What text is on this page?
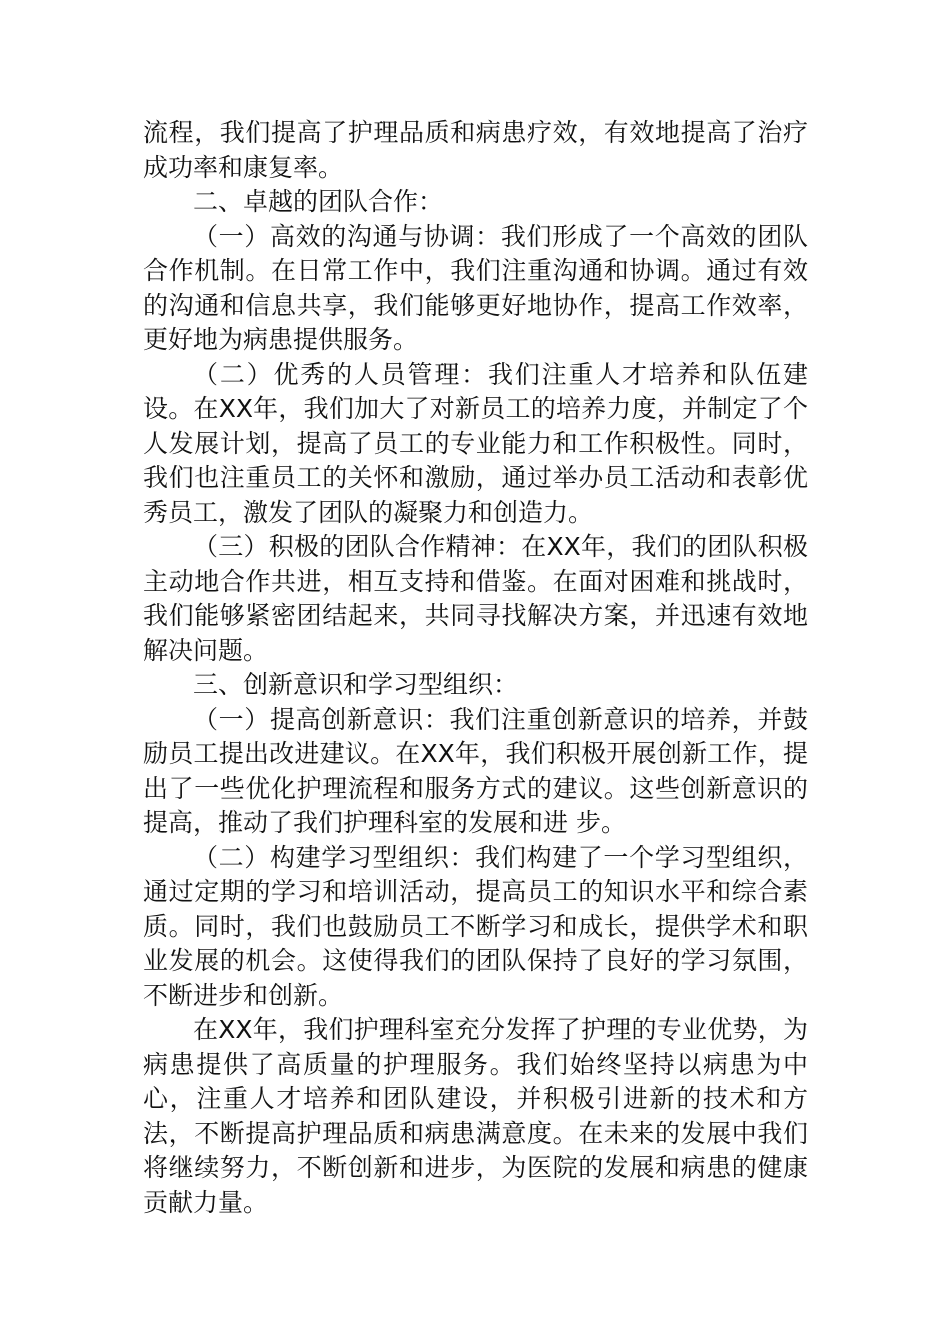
流程，我们提高了护理品质和病患疗效，有效地提高了治疗成功率和康复率。

二、卓越的团队合作：

（一）高效的沟通与协调：我们形成了一个高效的团队合作机制。在日常工作中，我们注重沟通和协调。通过有效的沟通和信息共享，我们能够更好地协作，提高工作效率，更好地为病患提供服务。

（二）优秀的人员管理：我们注重人才培养和队伍建设。在XX年，我们加大了对新员工的培养力度，并制定了个人发展计划，提高了员工的专业能力和工作积极性。同时，我们也注重员工的关怀和激励，通过举办员工活动和表彰优秀员工，激发了团队的凝聚力和创造力。

（三）积极的团队合作精神：在XX年，我们的团队积极主动地合作共进，相互支持和借鉴。在面对困难和挑战时，我们能够紧密团结起来，共同寻找解决方案，并迅速有效地解决问题。

三、创新意识和学习型组织：

（一）提高创新意识：我们注重创新意识的培养，并鼓励员工提出改进建议。在XX年，我们积极开展创新工作，提出了一些优化护理流程和服务方式的建议。这些创新意识的提高，推动了我们护理科室的发展和进 步。

（二）构建学习型组织：我们构建了一个学习型组织，通过定期的学习和培训活动，提高员工的知识水平和综合素质。同时，我们也鼓励员工不断学习和成长，提供学术和职业发展的机会。这使得我们的团队保持了良好的学习氛围，不断进步和创新。

在XX年，我们护理科室充分发挥了护理的专业优势，为病患提供了高质量的护理服务。我们始终坚持以病患为中心，注重人才培养和团队建设，并积极引进新的技术和方法，不断提高护理品质和病患满意度。在未来的发展中我们将继续努力，不断创新和进步，为医院的发展和病患的健康贡献力量。
